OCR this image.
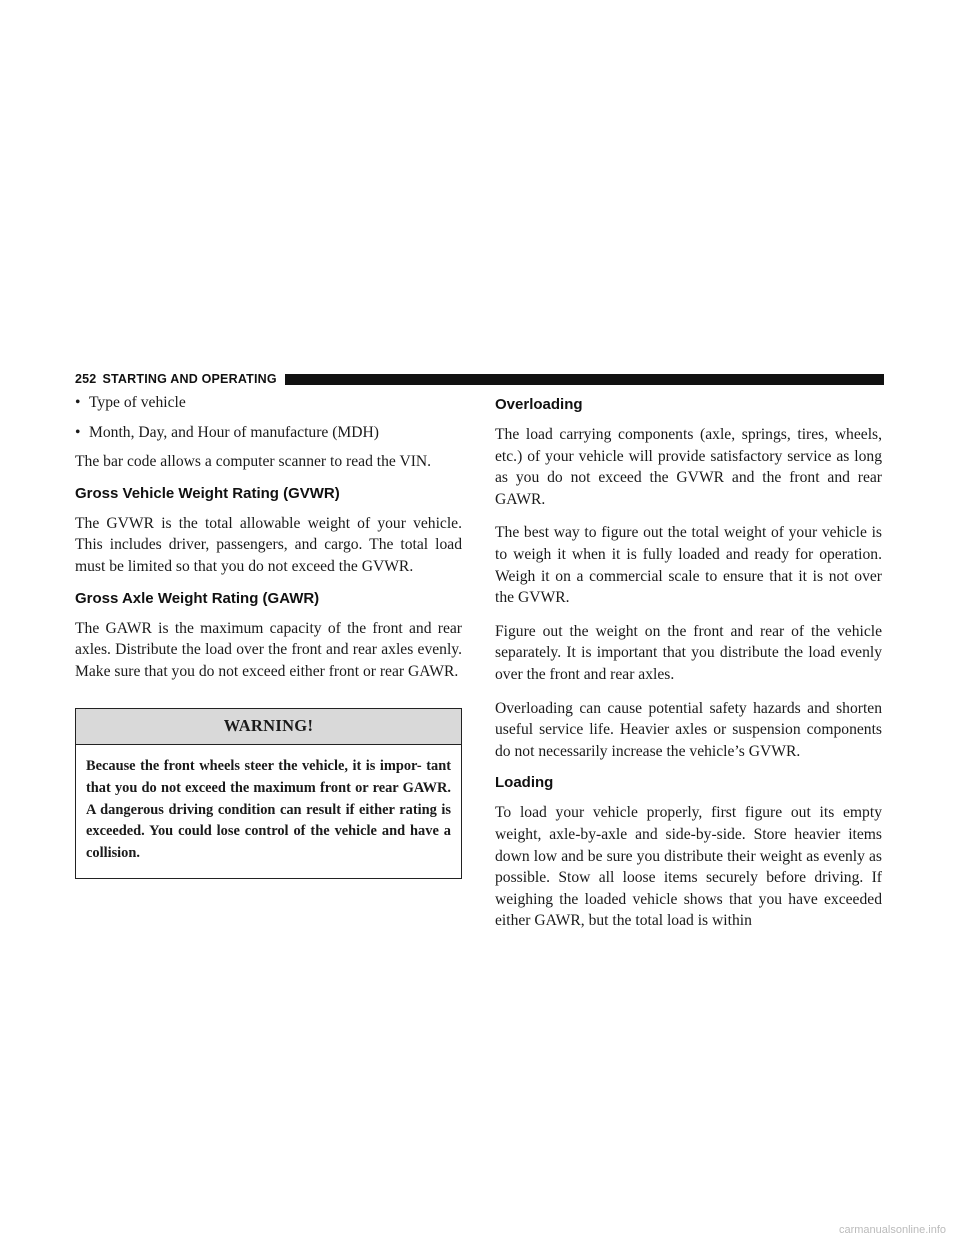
252 STARTING AND OPERATING
• Type of vehicle
• Month, Day, and Hour of manufacture (MDH)

The bar code allows a computer scanner to read the VIN.

Gross Vehicle Weight Rating (GVWR)

The GVWR is the total allowable weight of your vehicle. This includes driver, passengers, and cargo. The total load must be limited so that you do not exceed the GVWR.

Gross Axle Weight Rating (GAWR)

The GAWR is the maximum capacity of the front and rear axles. Distribute the load over the front and rear axles evenly. Make sure that you do not exceed either front or rear GAWR.

WARNING!
Because the front wheels steer the vehicle, it is impor- tant that you do not exceed the maximum front or rear GAWR. A dangerous driving condition can result if either rating is exceeded. You could lose control of the vehicle and have a collision.
Overloading

The load carrying components (axle, springs, tires, wheels, etc.) of your vehicle will provide satisfactory service as long as you do not exceed the GVWR and the front and rear GAWR.

The best way to figure out the total weight of your vehicle is to weigh it when it is fully loaded and ready for operation. Weigh it on a commercial scale to ensure that it is not over the GVWR.

Figure out the weight on the front and rear of the vehicle separately. It is important that you distribute the load evenly over the front and rear axles.

Overloading can cause potential safety hazards and shorten useful service life. Heavier axles or suspension components do not necessarily increase the vehicle’s GVWR.

Loading

To load your vehicle properly, first figure out its empty weight, axle-by-axle and side-by-side. Store heavier items down low and be sure you distribute their weight as evenly as possible. Stow all loose items securely before driving. If weighing the loaded vehicle shows that you have exceeded either GAWR, but the total load is within

carmanualsonline.info
